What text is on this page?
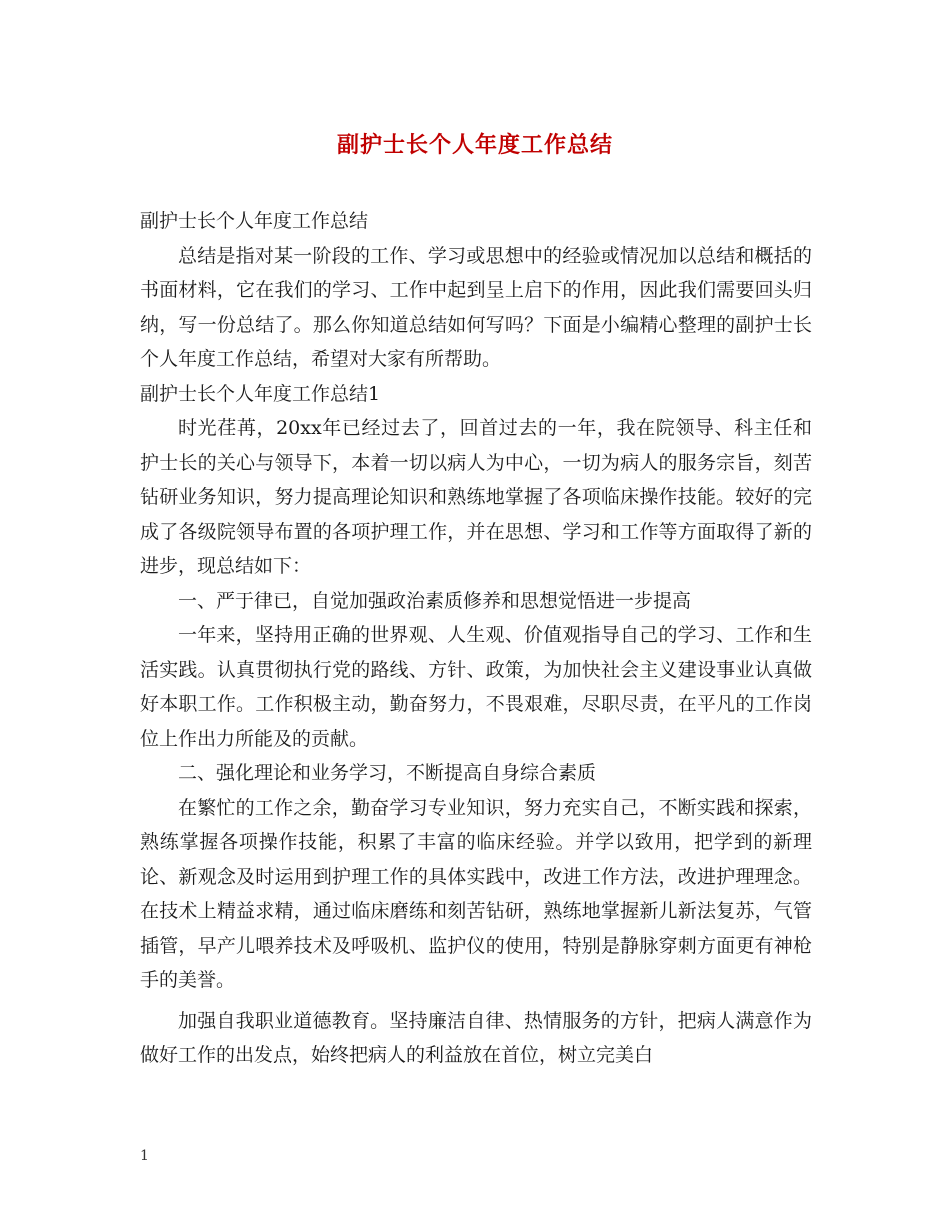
副护士长个人年度工作总结

副护士长个人年度工作总结

总结是指对某一阶段的工作、学习或思想中的经验或情况加以总结和概括的书面材料，它在我们的学习、工作中起到呈上启下的作用，因此我们需要回头归纳，写一份总结了。那么你知道总结如何写吗？下面是小编精心整理的副护士长个人年度工作总结，希望对大家有所帮助。

副护士长个人年度工作总结1

时光荏苒，20xx年已经过去了，回首过去的一年，我在院领导、科主任和护士长的关心与领导下，本着一切以病人为中心，一切为病人的服务宗旨，刻苦钻研业务知识，努力提高理论知识和熟练地掌握了各项临床操作技能。较好的完成了各级院领导布置的各项护理工作，并在思想、学习和工作等方面取得了新的进步，现总结如下：

一、严于律已，自觉加强政治素质修养和思想觉悟进一步提高

一年来，坚持用正确的世界观、人生观、价值观指导自己的学习、工作和生活实践。认真贯彻执行党的路线、方针、政策，为加快社会主义建设事业认真做好本职工作。工作积极主动，勤奋努力，不畏艰难，尽职尽责，在平凡的工作岗位上作出力所能及的贡献。

二、强化理论和业务学习，不断提高自身综合素质

在繁忙的工作之余，勤奋学习专业知识，努力充实自己，不断实践和探索，熟练掌握各项操作技能，积累了丰富的临床经验。并学以致用，把学到的新理论、新观念及时运用到护理工作的具体实践中，改进工作方法，改进护理理念。在技术上精益求精，通过临床磨练和刻苦钻研，熟练地掌握新儿新法复苏，气管插管，早产儿喂养技术及呼吸机、监护仪的使用，特别是静脉穿刺方面更有神枪手的美誉。

加强自我职业道德教育。坚持廉洁自律、热情服务的方针，把病人满意作为做好工作的出发点，始终把病人的利益放在首位，树立完美白

1
